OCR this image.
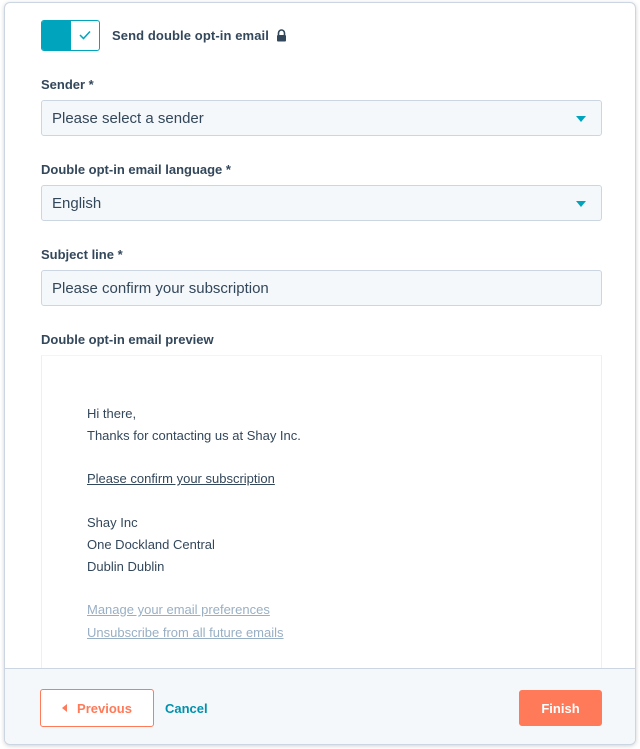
Send double opt-in email
Sender *
Please select a sender
Double opt-in email language *
English
Subject line *
Please confirm your subscription
Double opt-in email preview
Hi there,
Thanks for contacting us at Shay Inc.
Please confirm your subscription
Shay Inc
One Dockland Central
Dublin Dublin
Manage your email preferences
Unsubscribe from all future emails
Previous	Cancel	Finish
